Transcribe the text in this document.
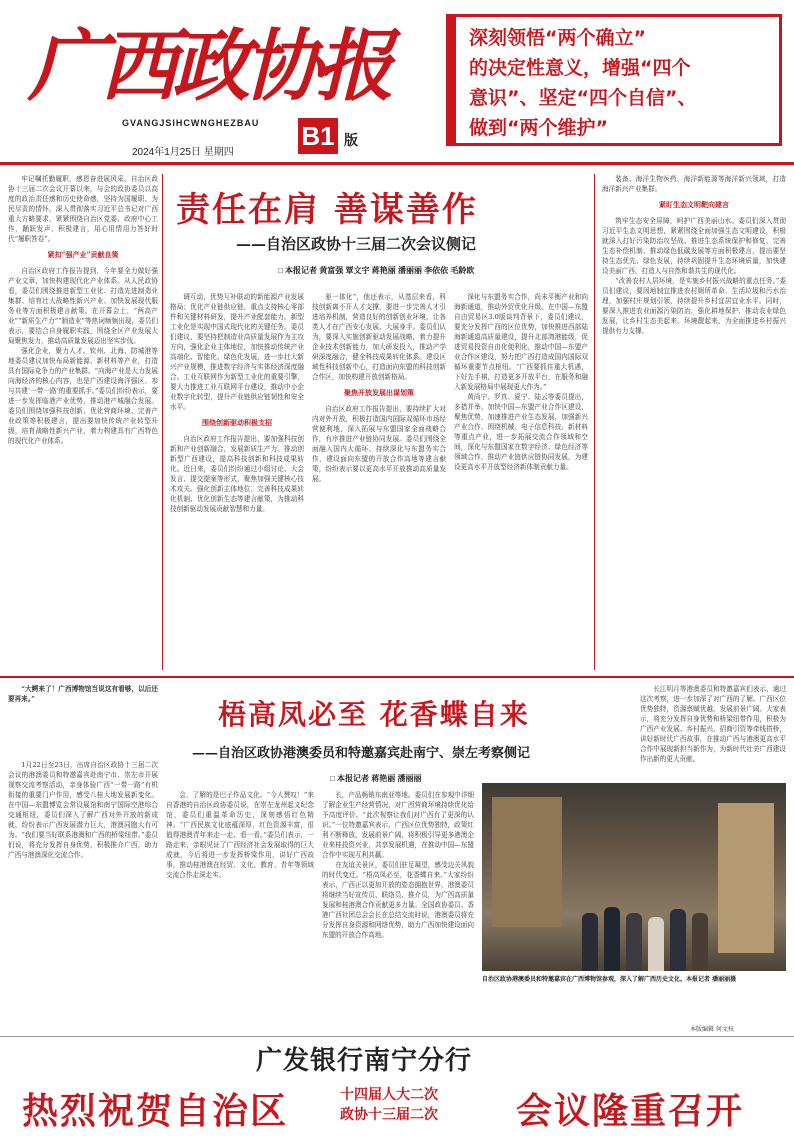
广西政协报
GVANGJSIHCWNGHEZBAU B1 版
2024年1月25日 星期四
深刻领悟“两个确立”
的决定性意义，增强“四个
意识”、坚定“四个自信”、
做到“两个维护”
责任在肩 善谋善作
——自治区政协十三届二次会议侧记
□ 本报记者 黄富强 覃文宇 蒋艳丽 潘丽丽 李依依 毛龄欧

牢记嘱托勤履职，感恩奋进展风采。自治区政协十三届二次会议开幕以来，与会的政协委员以高度的政治责任感和历史使命感，坚持为国履职、为民尽责的情怀，深入贯彻落实习近平总书记对广西重大方略要求，紧紧围绕自治区党委、政府中心工作，踊跃发声、积极建言，用心用情用力答好时代“履职答卷”。

紧扣“强产业”贡献良策

自治区政府工作报告提到，今年要全力做好强产业文章，加快构建现代化产业体系。从人民政协看，委员们围绕推进新型工业化、打造先进制造业集群、培育壮大战略性新兴产业、加快发展现代服务业等方面积极建言献策。在开幕会上，“两高产业”“新质生产力”“制造业”等热词频频出现，委员们表示，要结合自身履职实践，围绕全区产业发展大局聚焦发力，推动高质量发展迈出坚实步伐。

强化企业，聚力人才。钦州、北海、防城港等地委员建议加快布局新能源、新材料等产业，打造具有国际竞争力的产业集群。“向海产业是大力发展向海经济的核心内容，也是广西建设海洋强区、参与共建‘一带一路’的重要抓手。”委员们纷纷表示，要进一步发挥临港产业优势，推动港产城融合发展。委员们围绕加强科技创新、优化营商环境、完善产业政策等积极建言，提出要加快传统产业转型升级，培育战略性新兴产业，着力构建具有广西特色的现代化产业体系。

调互动，优势互补联动的新能源产业发展格局；优化产业链供应链，重点支持核心零部件和关键材料研发，提升产业配套能力。新型工业化是实现中国式现代化的关键任务。委员们建议，要坚持把制造业高质量发展作为主攻方向，强化企业主体地位，加快推动传统产业高端化、智能化、绿色化发展，进一步壮大新兴产业规模，推进数字经济与实体经济深度融合。工业互联网作为新型工业化的重要引擎，要大力推进工业互联网平台建设，推动中小企业数字化转型，提升产业链供应链韧性和安全水平。

围绕创新驱动积极支招

自治区政府工作报告提出，要加强科技创新和产业创新融合，发展新质生产力。推动创新型广西建设，提高科技创新和科技成果转化。近日来，委员们纷纷通过小组讨论、大会发言、提交提案等形式，聚焦加强关键核心技术攻关、强化创新主体地位、完善科技成果转化机制、优化创新生态等建言献策，为推动科技创新驱动发展贡献智慧和力量。

驱一体化”，他还表示，从基层来看，科技创新离不开人才支撑，要进一步完善人才引进培养机制，营造良好的创新创业环境，让各类人才在广西安心发展、大展身手。委员们认为，要深入实施创新驱动发展战略，着力提升企业技术创新能力，加大研发投入，推动产学研深度融合，健全科技成果转化体系。建设区域性科技创新中心，打造面向东盟的科技创新合作区，加快构建开放创新格局。

聚焦开放发展出谋划策

自治区政府工作报告提出，要持续扩大对内对外开放，积极打造国内国际双循环市场经营便利地，深入拓展与东盟国家全面战略合作，有序推进产业链协同发展。委员们围绕全面融入国内大循环、持续深化与东盟务实合作，建设面向东盟的开放合作高地等建言献策，纷纷表示要以更高水平开放推动高质量发展。

深化与东盟务实合作，尚未平衡产业和向海新通道，推动外贸优化升级。在中国—东盟自由贸易区3.0版谈判背景下，委员们建议，要充分发挥广西的区位优势，加快推进西部陆海新通道高质量建设，提升北部湾港能级，促进贸易投资自由化便利化，推动中国—东盟产业合作区建设，努力把广西打造成国内国际双循环重要节点枢纽。“广西要抓住重大机遇，下好先手棋，打造更多开放平台，在服务和融入新发展格局中展现更大作为。”

黄尚宁、罗真、夏宁、陆云等委员提出，多措并举，加快中国—东盟产业合作区建设，聚焦优势，加速推进产业生态发展，加强新兴产业合作、围绕机械、电子信息科技、新材料等重点产业，进一步拓展交流合作领域和空间，深化与东盟国家在数字经济、绿色经济等领域合作，推动产业链供应链协同发展，为建设更高水平开放型经济新体制贡献力量。

装备、海洋生物医药、海洋新能源等海洋新兴领域，打造海洋新兴产业集群。

紧盯生态文明靶向建言

筑牢生态安全屏障，呵护广西美丽山水。委员们深入贯彻习近平生态文明思想，紧紧围绕全面加强生态文明建设，积极就深入打好污染防治攻坚战、推进生态系统保护和修复、完善生态补偿机制、推动绿色低碳发展等方面积极建言，提出要坚持生态优先、绿色发展，持续巩固提升生态环境质量，加快建设美丽广西，打造人与自然和谐共生的现代化。

“改善农村人居环境，是实施乡村振兴战略的重点任务。”委员们建议，要因地制宜推进农村厕所革命、生活垃圾和污水治理，加强村庄规划引领，持续提升乡村宜居宜业水平。同时，要深入推进农业面源污染防治，强化耕地保护，推动农业绿色发展，让乡村生态美起来、环境靓起来，为全面推进乡村振兴提供有力支撑。

“大鳄来了！广西博物馆当说这有看够，以后还要再来。”	梧高凤必至 花香蝶自来
——自治区政协港澳委员和特邀嘉宾赴南宁、崇左考察侧记
□ 本报记者 蒋艳丽 潘丽丽

1月22日至23日，出席自治区政协十三届二次会议的港澳委员和特邀嘉宾赴南宁市、崇左市开展视察交流考察活动，亲身体验广西“一带一路”有机衔接的重要门户作用，感受八桂大地发展新变化。在中国—东盟博览会常设展馆和南宁国际空港综合交通枢纽，委员们深入了解广西对外开放的新成就，纷纷表示广西发展潜力巨大，港澳同胞大有可为。“我们要当好联系港澳和广西的桥梁纽带。”委员们说，将充分发挥自身优势，积极推介广西，助力广西与港澳深化交流合作。

会，了解的是巴子作品文化。“今人赞叹！”来自香港的自治区政协委员说，在崇左龙州起义纪念馆，委员们重温革命历史，深刻感悟红色精神。“广西民族文化底蕴深厚，红色资源丰富，很值得港澳青年来走一走、看一看。”委员们表示，一路走来，亲眼见证了广西经济社会发展取得的巨大成就，今后将进一步发挥桥梁作用，讲好广西故事，推动桂港澳在经贸、文化、教育、青年等领域交流合作走深走实。

长，产品畅销东南亚等地。委员们在参观中详细了解企业生产经营情况，对广西营商环境持续优化给予高度评价。“此次视察让我们对广西有了更深的认识。”一位特邀嘉宾表示，广西区位优势独特，政策红利不断释放，发展前景广阔，将积极引导更多港澳企业来桂投资兴业，共享发展机遇，在推动中国—东盟合作中实现互利共赢。

在友谊关景区，委员们驻足凝望，感受边关风貌的时代变迁。“梧高凤必至，花香蝶自来。”大家纷纷表示，广西正以更加开放的姿态拥抱世界，港澳委员将继续当好宣传员、联络员、推介员，为广西高质量发展和桂港澳合作贡献更多力量。全国政协委员、香港广西社团总会会长在总结交流时说，港澳委员将充分发挥自身资源和网络优势，助力广西加快建设面向东盟的开放合作高地。

长江明月等港澳委员和特邀嘉宾们表示，通过这次考察，进一步加深了对广西的了解。广西区位优势独特，资源禀赋优越，发展前景广阔。大家表示，将充分发挥自身优势和桥梁纽带作用，积极为广西产业发展、乡村振兴、招商引资等牵线搭桥，讲好新时代广西故事，在推动广西与港澳更高水平合作中展现新担当新作为，为新时代壮美广西建设作出新的更大贡献。

自治区政协港澳委员和特邀嘉宾在广西博物馆参观，深入了解广西历史文化。本报记者 潘丽丽摄
本版编辑 何文权
广发银行南宁分行
热烈祝贺自治区	十四届人大二次
政协十三届二次 会议隆重召开
